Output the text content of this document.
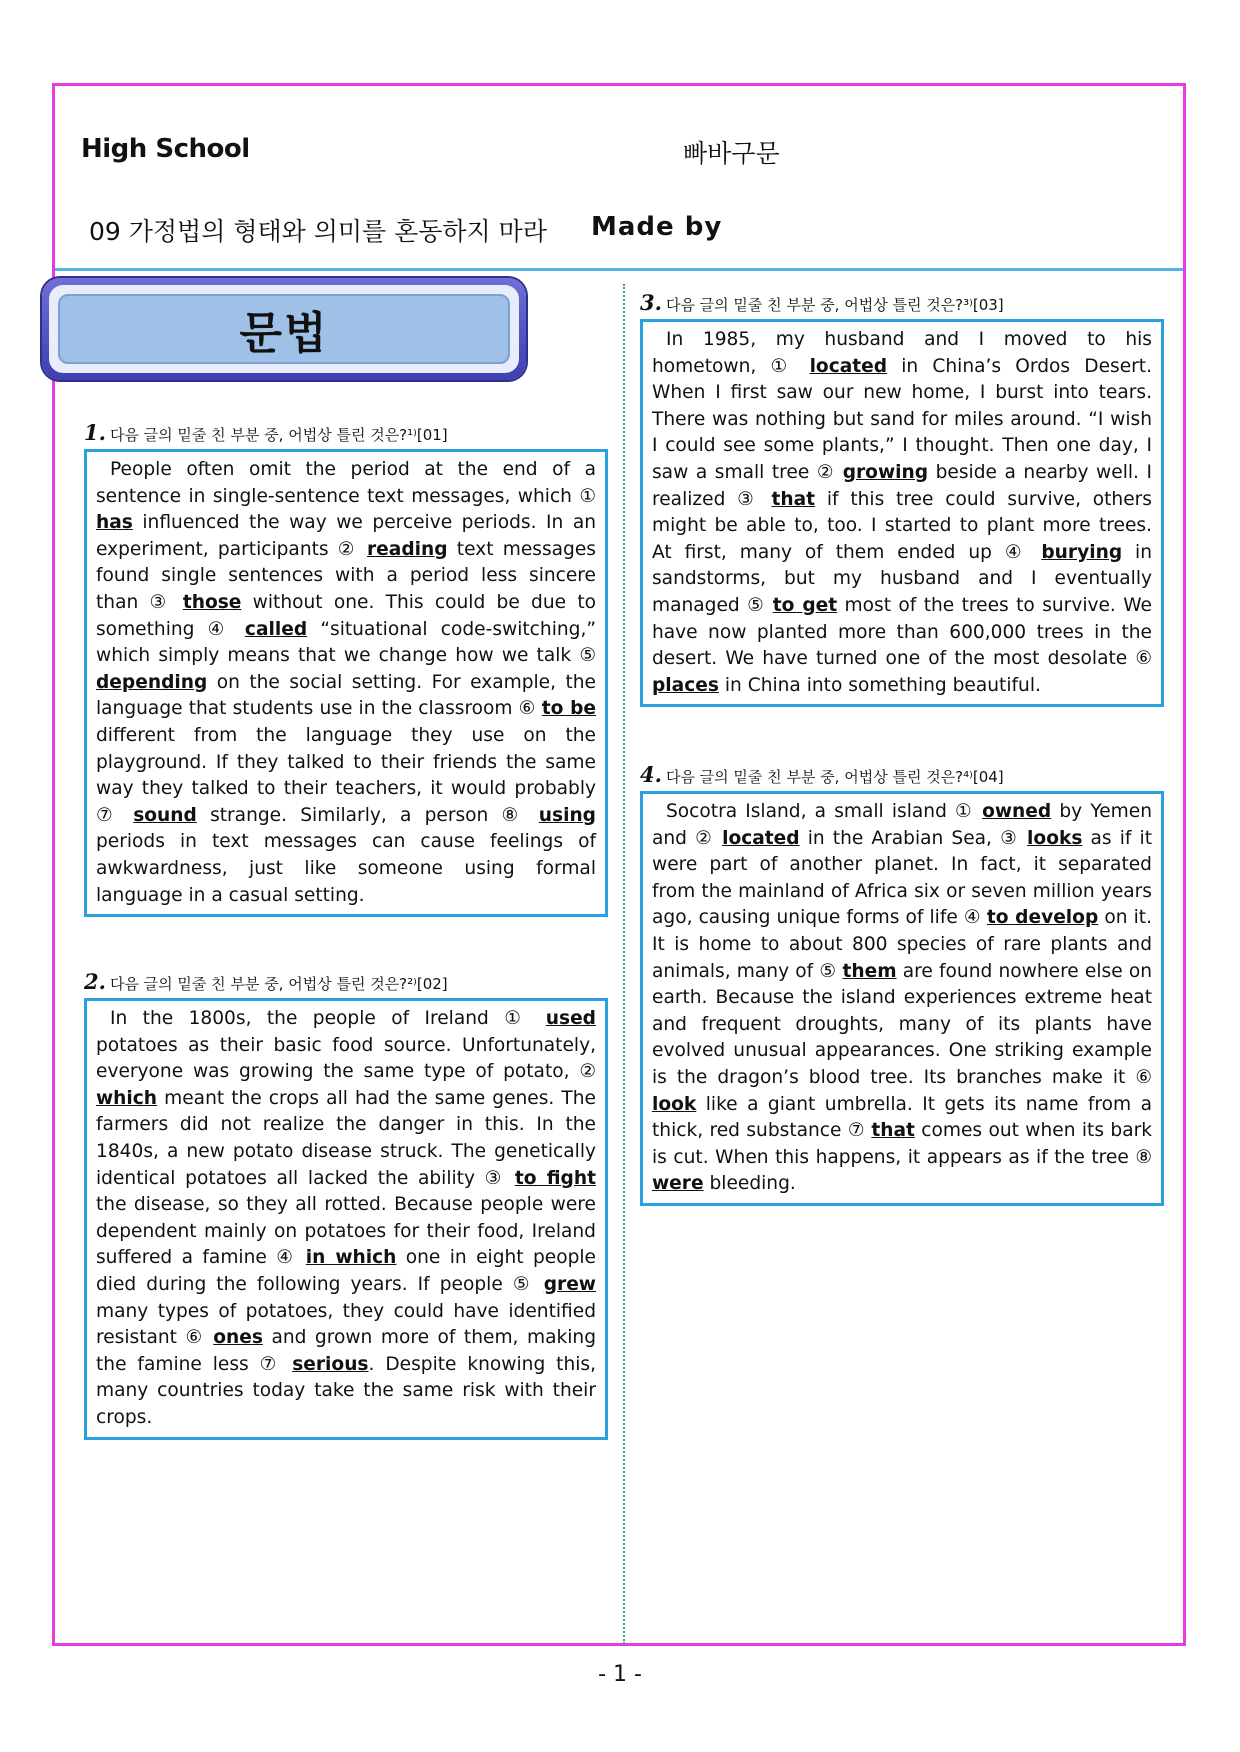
High School	빠바구문
09 가정법의 형태와 의미를 혼동하지 마라 Made by
문법
1. 다음 글의 밑줄 친 부분 중, 어법상 틀린 것은?¹⁾[01]

People often omit the period at the end of a sentence in single-sentence text messages, which ① has influenced the way we perceive periods. In an experiment, participants ② reading text messages found single sentences with a period less sincere than ③ those without one. This could be due to something ④ called “situational code-switching,” which simply means that we change how we talk ⑤ depending on the social setting. For example, the language that students use in the classroom ⑥ to be different from the language they use on the playground. If they talked to their friends the same way they talked to their teachers, it would probably ⑦ sound strange. Similarly, a person ⑧ using periods in text messages can cause feelings of awkwardness, just like someone using formal language in a casual setting.

2. 다음 글의 밑줄 친 부분 중, 어법상 틀린 것은?²⁾[02]

In the 1800s, the people of Ireland ① used potatoes as their basic food source. Unfortunately, everyone was growing the same type of potato, ② which meant the crops all had the same genes. The farmers did not realize the danger in this. In the 1840s, a new potato disease struck. The genetically identical potatoes all lacked the ability ③ to fight the disease, so they all rotted. Because people were dependent mainly on potatoes for their food, Ireland suffered a famine ④ in which one in eight people died during the following years. If people ⑤ grew many types of potatoes, they could have identified resistant ⑥ ones and grown more of them, making the famine less ⑦ serious. Despite knowing this, many countries today take the same risk with their crops.

3. 다음 글의 밑줄 친 부분 중, 어법상 틀린 것은?³⁾[03]

In 1985, my husband and I moved to his hometown, ① located in China’s Ordos Desert. When I first saw our new home, I burst into tears. There was nothing but sand for miles around. “I wish I could see some plants,” I thought. Then one day, I saw a small tree ② growing beside a nearby well. I realized ③ that if this tree could survive, others might be able to, too. I started to plant more trees. At first, many of them ended up ④ burying in sandstorms, but my husband and I eventually managed ⑤ to get most of the trees to survive. We have now planted more than 600,000 trees in the desert. We have turned one of the most desolate ⑥ places in China into something beautiful.

4. 다음 글의 밑줄 친 부분 중, 어법상 틀린 것은?⁴⁾[04]

Socotra Island, a small island ① owned by Yemen and ② located in the Arabian Sea, ③ looks as if it were part of another planet. In fact, it separated from the mainland of Africa six or seven million years ago, causing unique forms of life ④ to develop on it. It is home to about 800 species of rare plants and animals, many of ⑤ them are found nowhere else on earth. Because the island experiences extreme heat and frequent droughts, many of its plants have evolved unusual appearances. One striking example is the dragon’s blood tree. Its branches make it ⑥ look like a giant umbrella. It gets its name from a thick, red substance ⑦ that comes out when its bark is cut. When this happens, it appears as if the tree ⑧ were bleeding.

- 1 -
